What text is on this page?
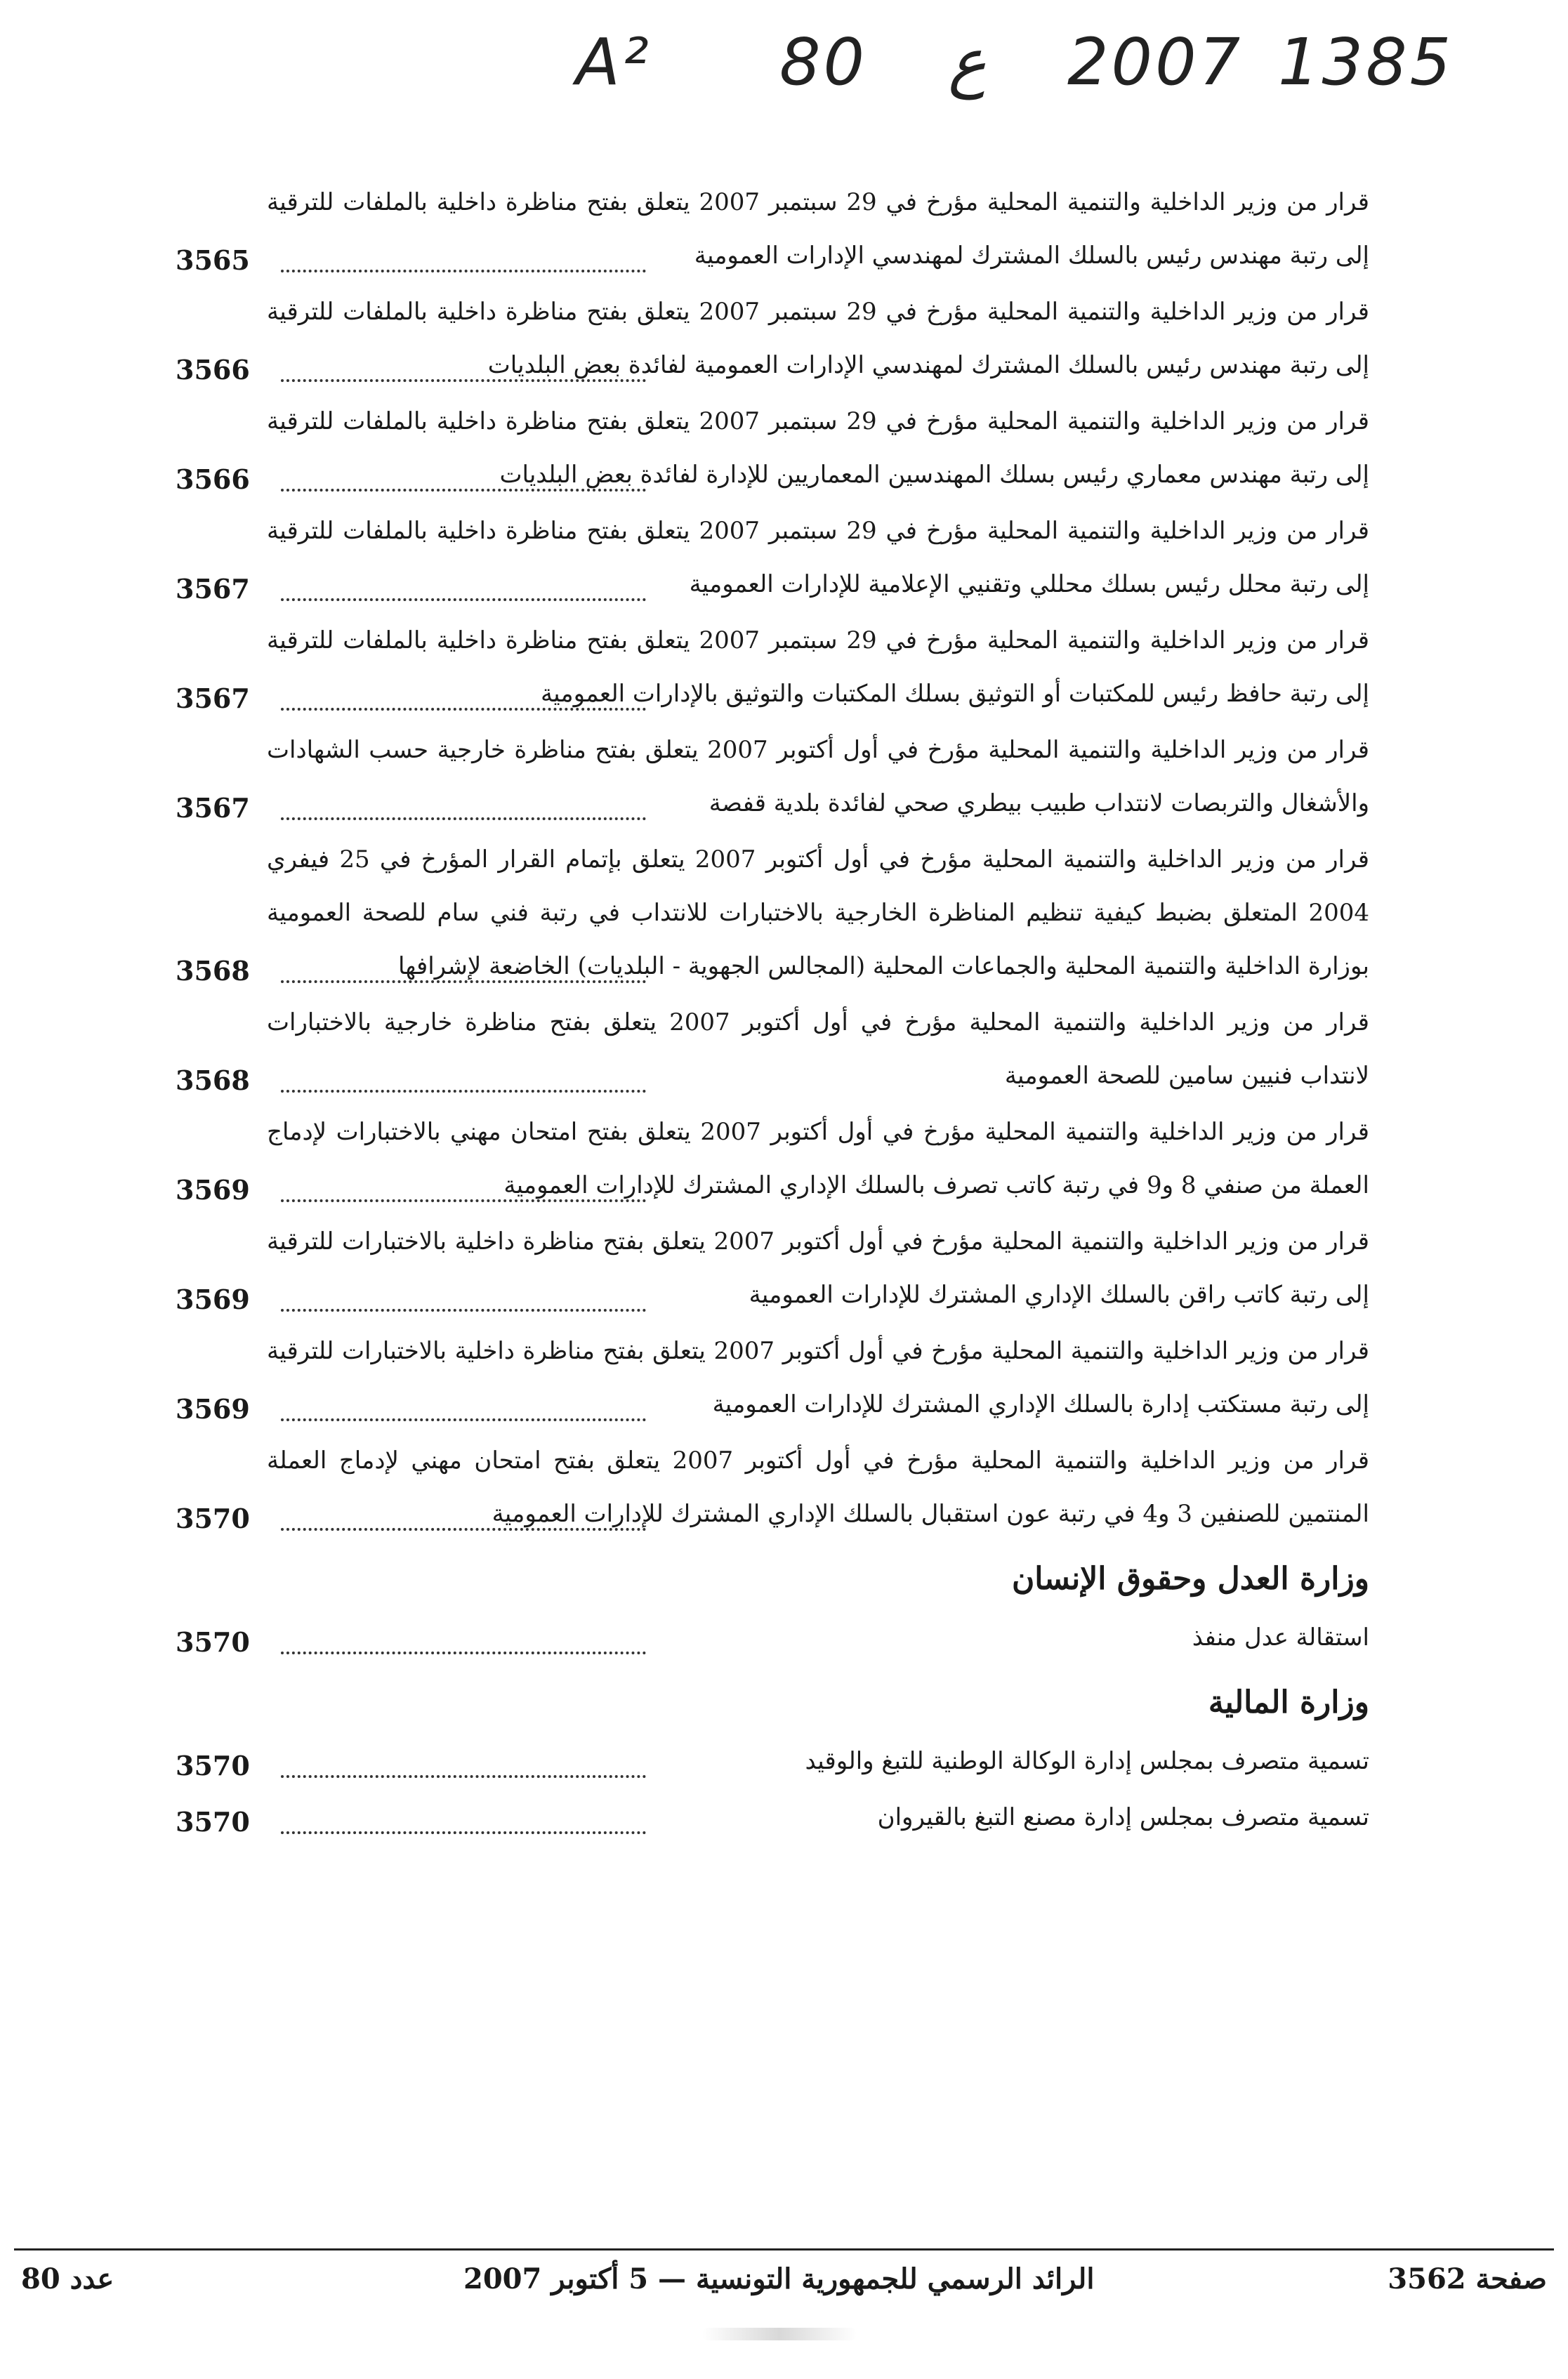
A² 80 ع 2007 1385
قرار من وزير الداخلية والتنمية المحلية مؤرخ في 29 سبتمبر 2007 يتعلق بفتح مناظرة داخلية بالملفات للترقية إلى رتبة مهندس رئيس بالسلك المشترك لمهندسي الإدارات العمومية
3565
قرار من وزير الداخلية والتنمية المحلية مؤرخ في 29 سبتمبر 2007 يتعلق بفتح مناظرة داخلية بالملفات للترقية إلى رتبة مهندس رئيس بالسلك المشترك لمهندسي الإدارات العمومية لفائدة بعض البلديات
3566
قرار من وزير الداخلية والتنمية المحلية مؤرخ في 29 سبتمبر 2007 يتعلق بفتح مناظرة داخلية بالملفات للترقية إلى رتبة مهندس معماري رئيس بسلك المهندسين المعماريين للإدارة لفائدة بعض البلديات
3566
قرار من وزير الداخلية والتنمية المحلية مؤرخ في 29 سبتمبر 2007 يتعلق بفتح مناظرة داخلية بالملفات للترقية إلى رتبة محلل رئيس بسلك محللي وتقنيي الإعلامية للإدارات العمومية
3567
قرار من وزير الداخلية والتنمية المحلية مؤرخ في 29 سبتمبر 2007 يتعلق بفتح مناظرة داخلية بالملفات للترقية إلى رتبة حافظ رئيس للمكتبات أو التوثيق بسلك المكتبات والتوثيق بالإدارات العمومية
3567
قرار من وزير الداخلية والتنمية المحلية مؤرخ في أول أكتوبر 2007 يتعلق بفتح مناظرة خارجية حسب الشهادات والأشغال والتربصات لانتداب طبيب بيطري صحي لفائدة بلدية قفصة
3567
قرار من وزير الداخلية والتنمية المحلية مؤرخ في أول أكتوبر 2007 يتعلق بإتمام القرار المؤرخ في 25 فيفري 2004 المتعلق بضبط كيفية تنظيم المناظرة الخارجية بالاختبارات للانتداب في رتبة فني سام للصحة العمومية بوزارة الداخلية والتنمية المحلية والجماعات المحلية (المجالس الجهوية - البلديات) الخاضعة لإشرافها
3568
قرار من وزير الداخلية والتنمية المحلية مؤرخ في أول أكتوبر 2007 يتعلق بفتح مناظرة خارجية بالاختبارات لانتداب فنيين سامين للصحة العمومية
3568
قرار من وزير الداخلية والتنمية المحلية مؤرخ في أول أكتوبر 2007 يتعلق بفتح امتحان مهني بالاختبارات لإدماج العملة من صنفي 8 و9 في رتبة كاتب تصرف بالسلك الإداري المشترك للإدارات العمومية
3569
قرار من وزير الداخلية والتنمية المحلية مؤرخ في أول أكتوبر 2007 يتعلق بفتح مناظرة داخلية بالاختبارات للترقية إلى رتبة كاتب راقن بالسلك الإداري المشترك للإدارات العمومية
3569
قرار من وزير الداخلية والتنمية المحلية مؤرخ في أول أكتوبر 2007 يتعلق بفتح مناظرة داخلية بالاختبارات للترقية إلى رتبة مستكتب إدارة بالسلك الإداري المشترك للإدارات العمومية
3569
قرار من وزير الداخلية والتنمية المحلية مؤرخ في أول أكتوبر 2007 يتعلق بفتح امتحان مهني لإدماج العملة المنتمين للصنفين 3 و4 في رتبة عون استقبال بالسلك الإداري المشترك للإدارات العمومية
3570
وزارة العدل وحقوق الإنسان
استقالة عدل منفذ
3570
وزارة المالية
تسمية متصرف بمجلس إدارة الوكالة الوطنية للتبغ والوقيد
3570
تسمية متصرف بمجلس إدارة مصنع التبغ بالقيروان
3570
عدد 80	الرائد الرسمي للجمهورية التونسية — 5 أكتوبر 2007	صفحة 3562
